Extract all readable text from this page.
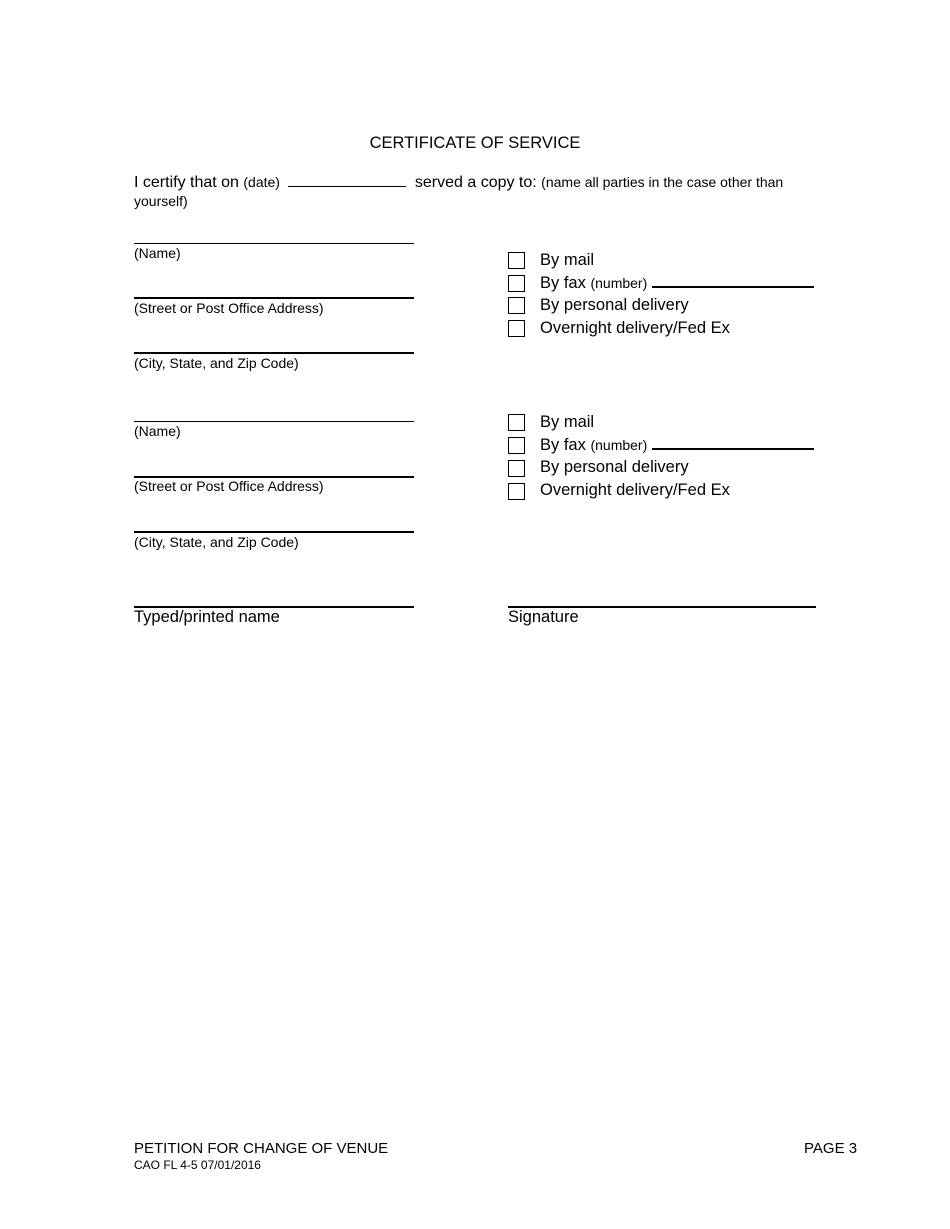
CERTIFICATE OF SERVICE
I certify that on (date)	served a copy to: (name all parties in the case other than
yourself)
(Name)
(Street or Post Office Address)
(City, State, and Zip Code)
By mail
By fax (number)
By personal delivery
Overnight delivery/Fed Ex
(Name)
(Street or Post Office Address)
(City, State, and Zip Code)
By mail
By fax (number)
By personal delivery
Overnight delivery/Fed Ex
Typed/printed name	Signature
PETITION FOR CHANGE OF VENUE
CAO FL 4-5 07/01/2016
PAGE 3
